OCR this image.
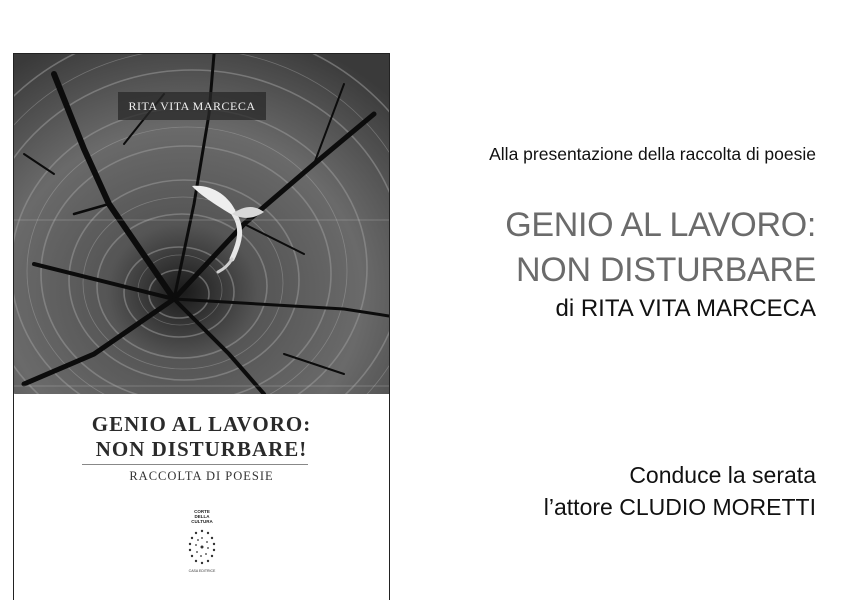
RITA VITA MARCECA
GENIO AL LAVORO:
NON DISTURBARE!
RACCOLTA DI POESIE
CORTE
DELLA
CULTURA
CASA EDITRICE
Alla presentazione della raccolta di poesie
GENIO AL LAVORO:
NON DISTURBARE
di RITA VITA MARCECA
Conduce la serata
l’attore CLUDIO MORETTI
